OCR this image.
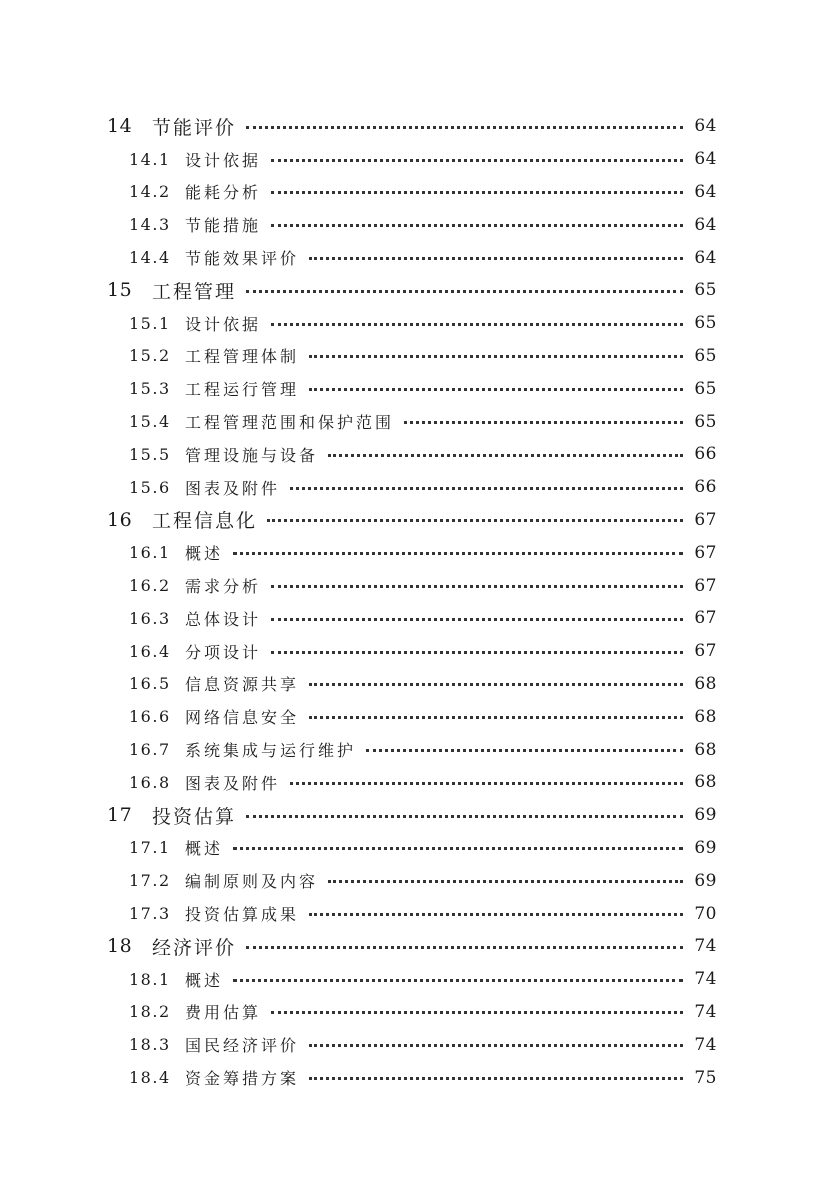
14	节能评价	64
14.1 设计依据	64
14.2 能耗分析	64
14.3 节能措施	64
14.4 节能效果评价	64
15	工程管理	65
15.1 设计依据	65
15.2 工程管理体制	65
15.3 工程运行管理	65
15.4 工程管理范围和保护范围	65
15.5 管理设施与设备	66
15.6 图表及附件	66
16	工程信息化	67
16.1 概述	67
16.2 需求分析	67
16.3 总体设计	67
16.4 分项设计	67
16.5 信息资源共享	68
16.6 网络信息安全	68
16.7 系统集成与运行维护	68
16.8 图表及附件	68
17	投资估算	69
17.1 概述	69
17.2 编制原则及内容	69
17.3 投资估算成果	70
18	经济评价	74
18.1 概述	74
18.2 费用估算	74
18.3 国民经济评价	74
18.4 资金筹措方案	75
